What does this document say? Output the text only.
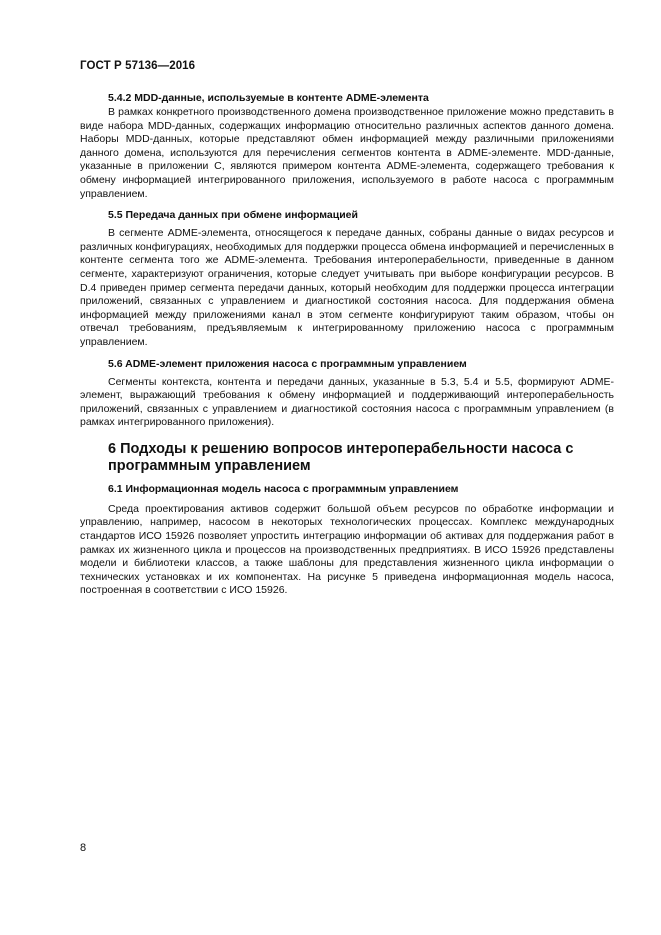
ГОСТ Р 57136—2016
5.4.2 MDD-данные, используемые в контенте ADME-элемента

В рамках конкретного производственного домена производственное приложение можно представить в виде набора MDD-данных, содержащих информацию относительно различных аспектов данного домена. Наборы MDD-данных, которые представляют обмен информацией между различными приложениями данного домена, используются для перечисления сегментов контента в ADME-элементе. MDD-данные, указанные в приложении С, являются примером контента ADME-элемента, содержащего требования к обмену информацией интегрированного приложения, используемого в работе насоса с программным управлением.

5.5 Передача данных при обмене информацией

В сегменте ADME-элемента, относящегося к передаче данных, собраны данные о видах ресурсов и различных конфигурациях, необходимых для поддержки процесса обмена информацией и перечисленных в контенте сегмента того же ADME-элемента. Требования интероперабельности, приведенные в данном сегменте, характеризуют ограничения, которые следует учитывать при выборе конфигурации ресурсов. В D.4 приведен пример сегмента передачи данных, который необходим для поддержки процесса интеграции приложений, связанных с управлением и диагностикой состояния насоса. Для поддержания обмена информацией между приложениями канал в этом сегменте конфигурируют таким образом, чтобы он отвечал требованиям, предъявляемым к интегрированному приложению насоса с программным управлением.

5.6 ADME-элемент приложения насоса с программным управлением

Сегменты контекста, контента и передачи данных, указанные в 5.3, 5.4 и 5.5, формируют ADME-элемент, выражающий требования к обмену информацией и поддерживающий интероперабельность приложений, связанных с управлением и диагностикой состояния насоса с программным управлением (в рамках интегрированного приложения).

6 Подходы к решению вопросов интероперабельности насоса с программным управлением
6.1 Информационная модель насоса с программным управлением

Среда проектирования активов содержит большой объем ресурсов по обработке информации и управлению, например, насосом в некоторых технологических процессах. Комплекс международных стандартов ИСО 15926 позволяет упростить интеграцию информации об активах для поддержания работ в рамках их жизненного цикла и процессов на производственных предприятиях. В ИСО 15926 представлены модели и библиотеки классов, а также шаблоны для представления жизненного цикла информации о технических установках и их компонентах. На рисунке 5 приведена информационная модель насоса, построенная в соответствии с ИСО 15926.

8
